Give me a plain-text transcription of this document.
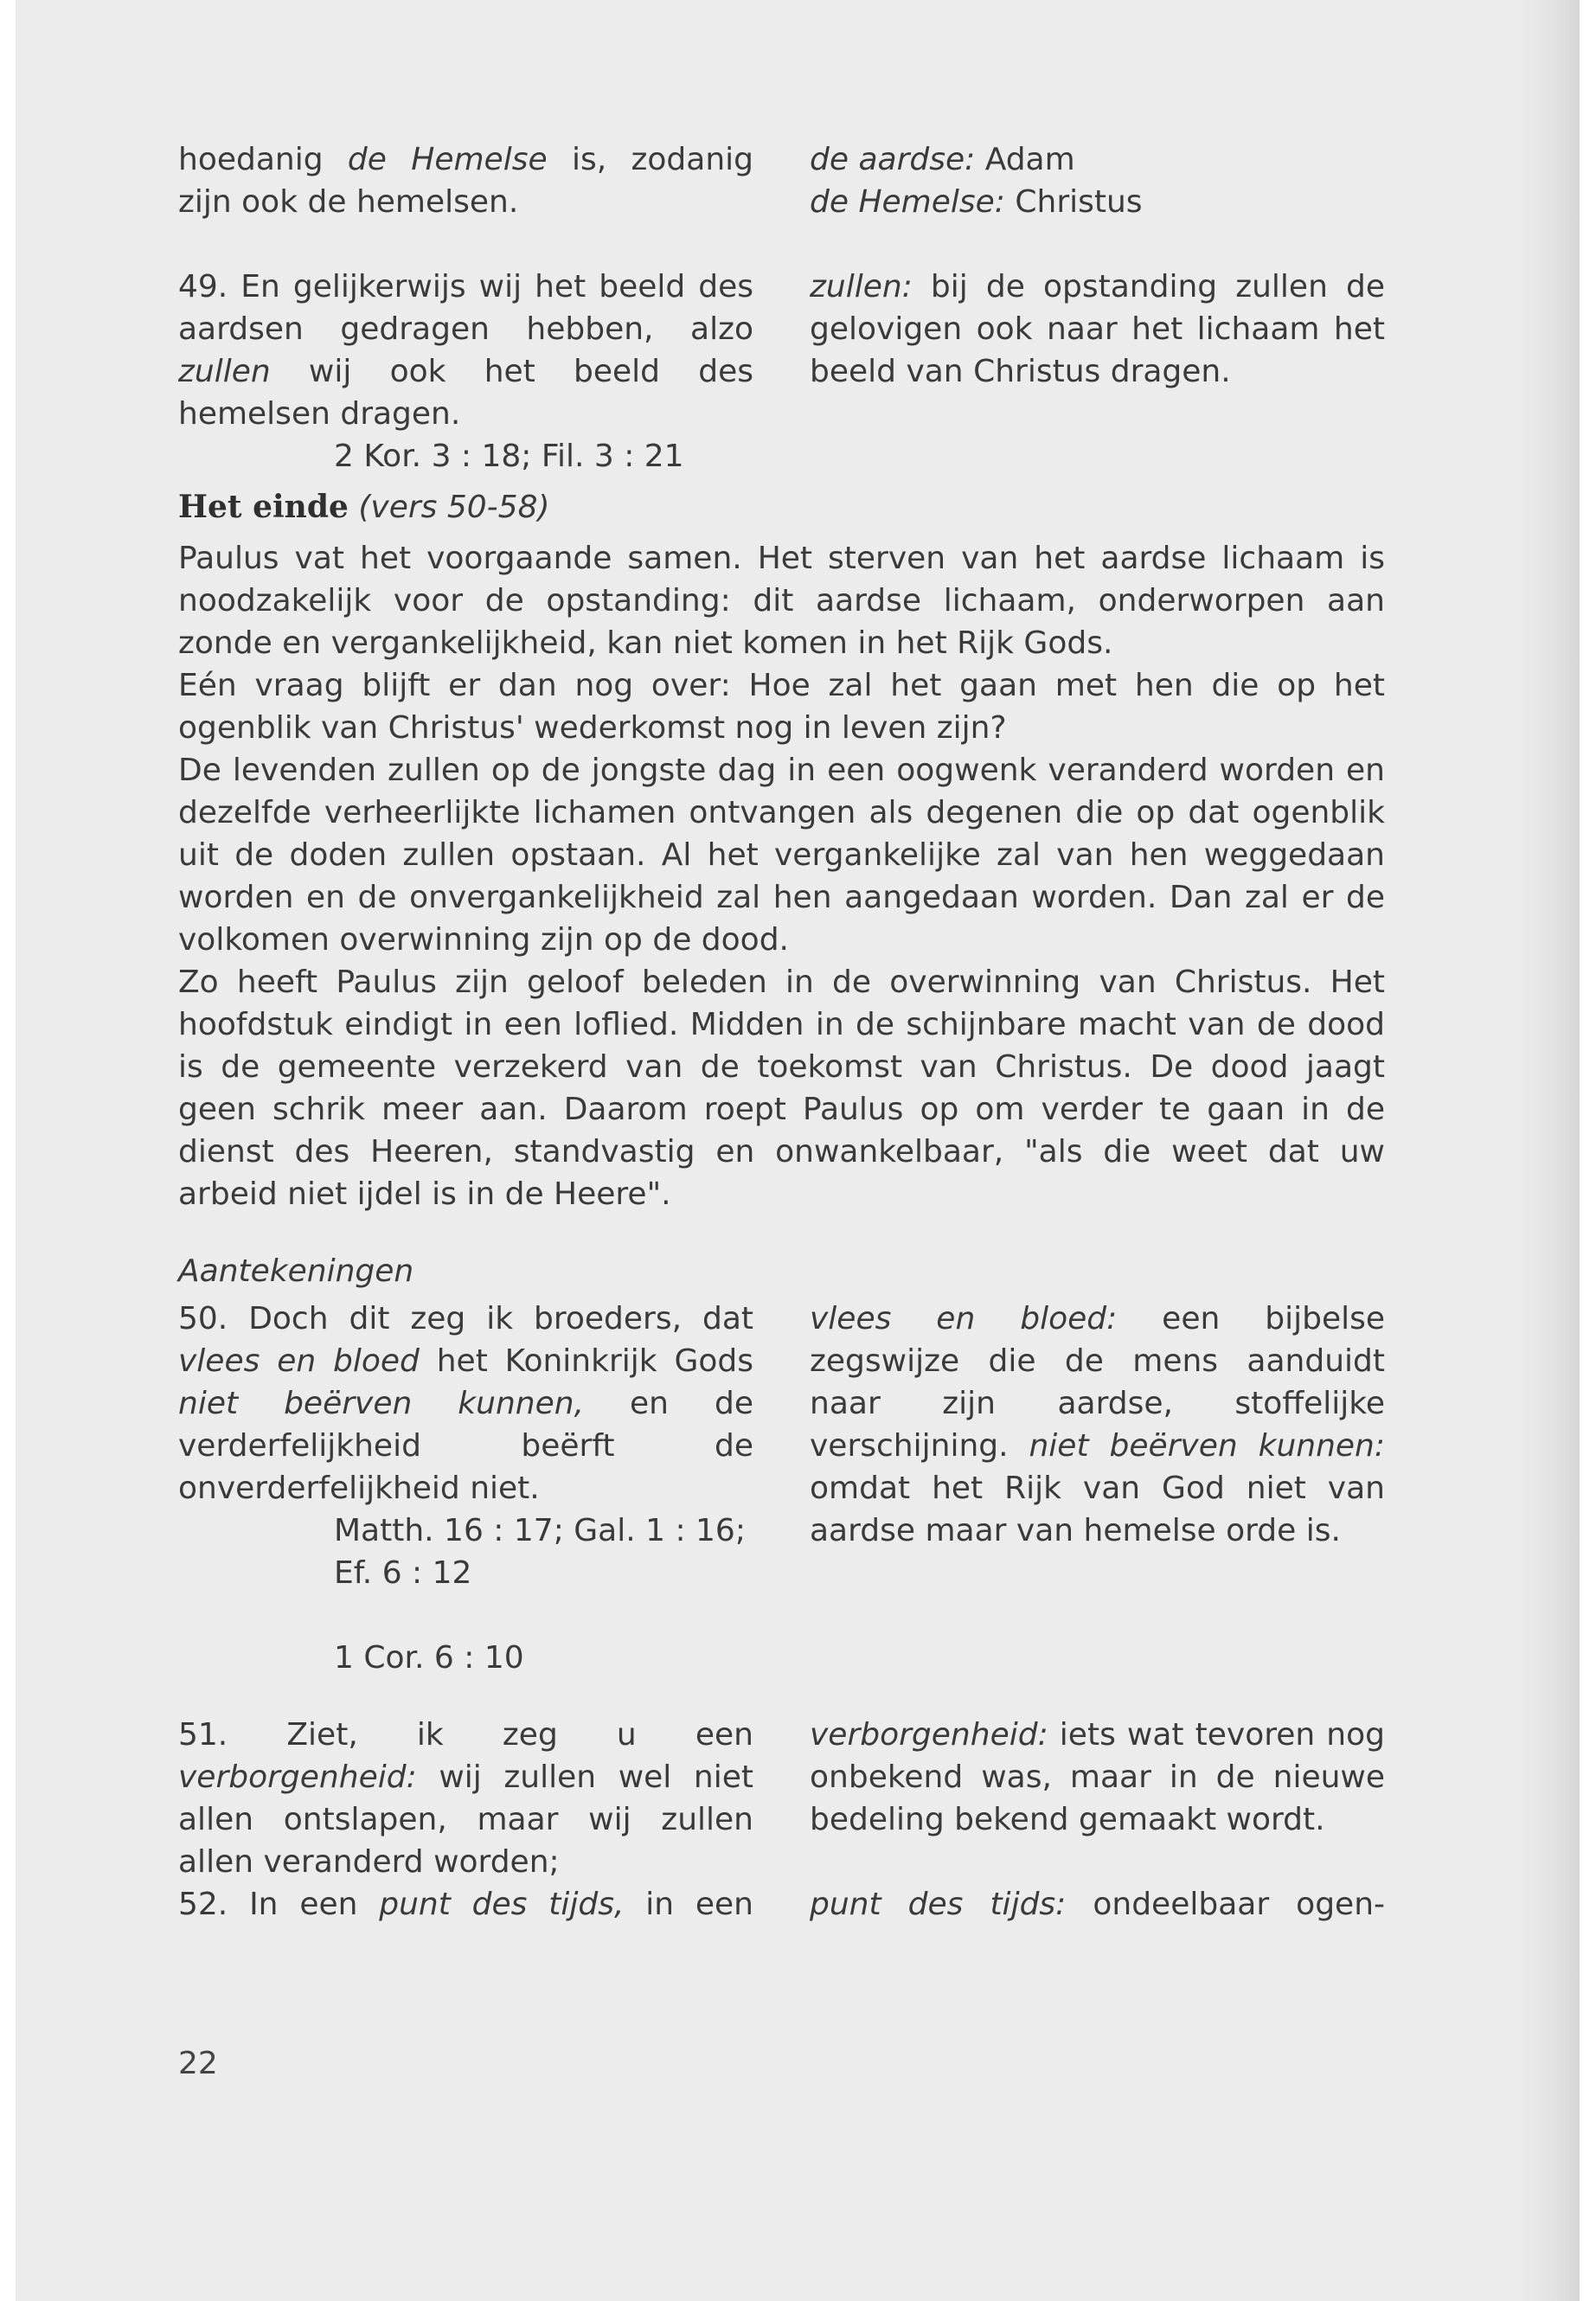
hoedanig de Hemelse is, zodanig
zijn ook de hemelsen.
de aardse: Adam
de Hemelse: Christus

49. En gelijkerwijs wij het beeld des aardsen gedragen hebben, alzo zullen wij ook het beeld des hemelsen dragen.

2 Kor. 3 : 18; Fil. 3 : 21

zullen: bij de opstanding zullen de gelovigen ook naar het lichaam het beeld van Christus dragen.

Het einde (vers 50-58)

Paulus vat het voorgaande samen. Het sterven van het aardse lichaam is noodzakelijk voor de opstanding: dit aardse lichaam, onderworpen aan zonde en vergankelijkheid, kan niet komen in het Rijk Gods.

Eén vraag blijft er dan nog over: Hoe zal het gaan met hen die op het ogenblik van Christus' wederkomst nog in leven zijn?

De levenden zullen op de jongste dag in een oogwenk veranderd worden en dezelfde verheerlijkte lichamen ontvangen als degenen die op dat ogenblik uit de doden zullen opstaan. Al het vergankelijke zal van hen weggedaan worden en de onvergankelijkheid zal hen aangedaan worden. Dan zal er de volkomen overwinning zijn op de dood.

Zo heeft Paulus zijn geloof beleden in de overwinning van Christus. Het hoofdstuk eindigt in een loflied. Midden in de schijnbare macht van de dood is de gemeente verzekerd van de toekomst van Christus. De dood jaagt geen schrik meer aan. Daarom roept Paulus op om verder te gaan in de dienst des Heeren, standvastig en onwankelbaar, "als die weet dat uw arbeid niet ijdel is in de Heere".

Aantekeningen

50. Doch dit zeg ik broeders, dat vlees en bloed het Koninkrijk Gods niet beërven kunnen, en de verderfelijkheid beërft de onverderfelijkheid niet.

Matth. 16 : 17; Gal. 1 : 16;

Ef. 6 : 12

1 Cor. 6 : 10

vlees en bloed: een bijbelse zegswijze die de mens aanduidt naar zijn aardse, stoffelijke verschijning. niet beërven kunnen: omdat het Rijk van God niet van aardse maar van hemelse orde is.

51. Ziet, ik zeg u een verborgenheid: wij zullen wel niet allen ontslapen, maar wij zullen allen veranderd worden;

verborgenheid: iets wat tevoren nog onbekend was, maar in de nieuwe bedeling bekend gemaakt wordt.

52. In een punt des tijds, in een punt des tijds: ondeelbaar ogen-
22
